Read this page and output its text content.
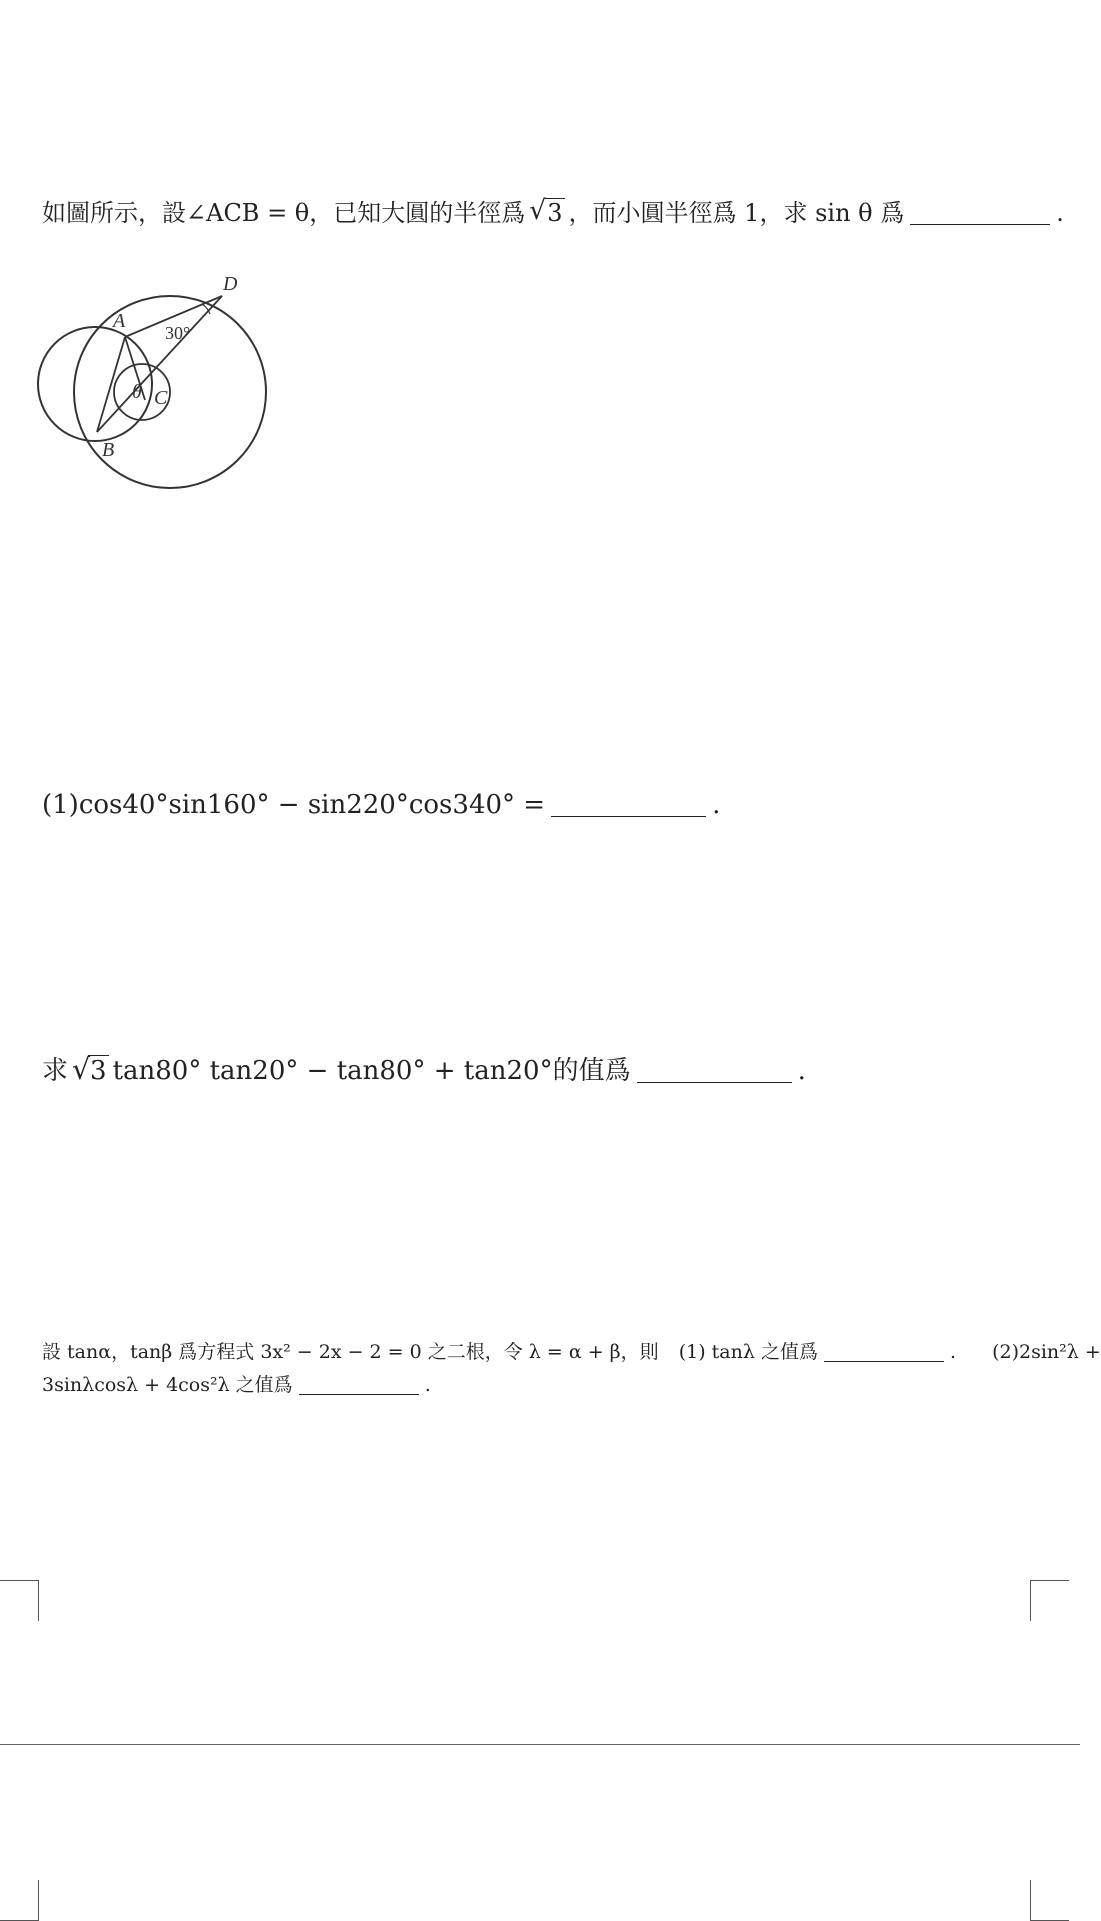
如圖所示，設∠ACB = θ，已知大圓的半徑爲 √ 3 ，而小圓半徑爲 1，求 sin θ 爲	.
D
A
30°
θ C
B
(1)cos40°sin160° − sin220°cos340° =	.
求 √ 3 tan80° tan20° − tan80° + tan20°的值爲	.
設 tanα，tanβ 爲方程式 3x² − 2x − 2 = 0 之二根，令 λ = α + β，則 (1) tanλ 之值爲	. (2)2sin²λ +
3sinλcosλ + 4cos²λ 之值爲	.
